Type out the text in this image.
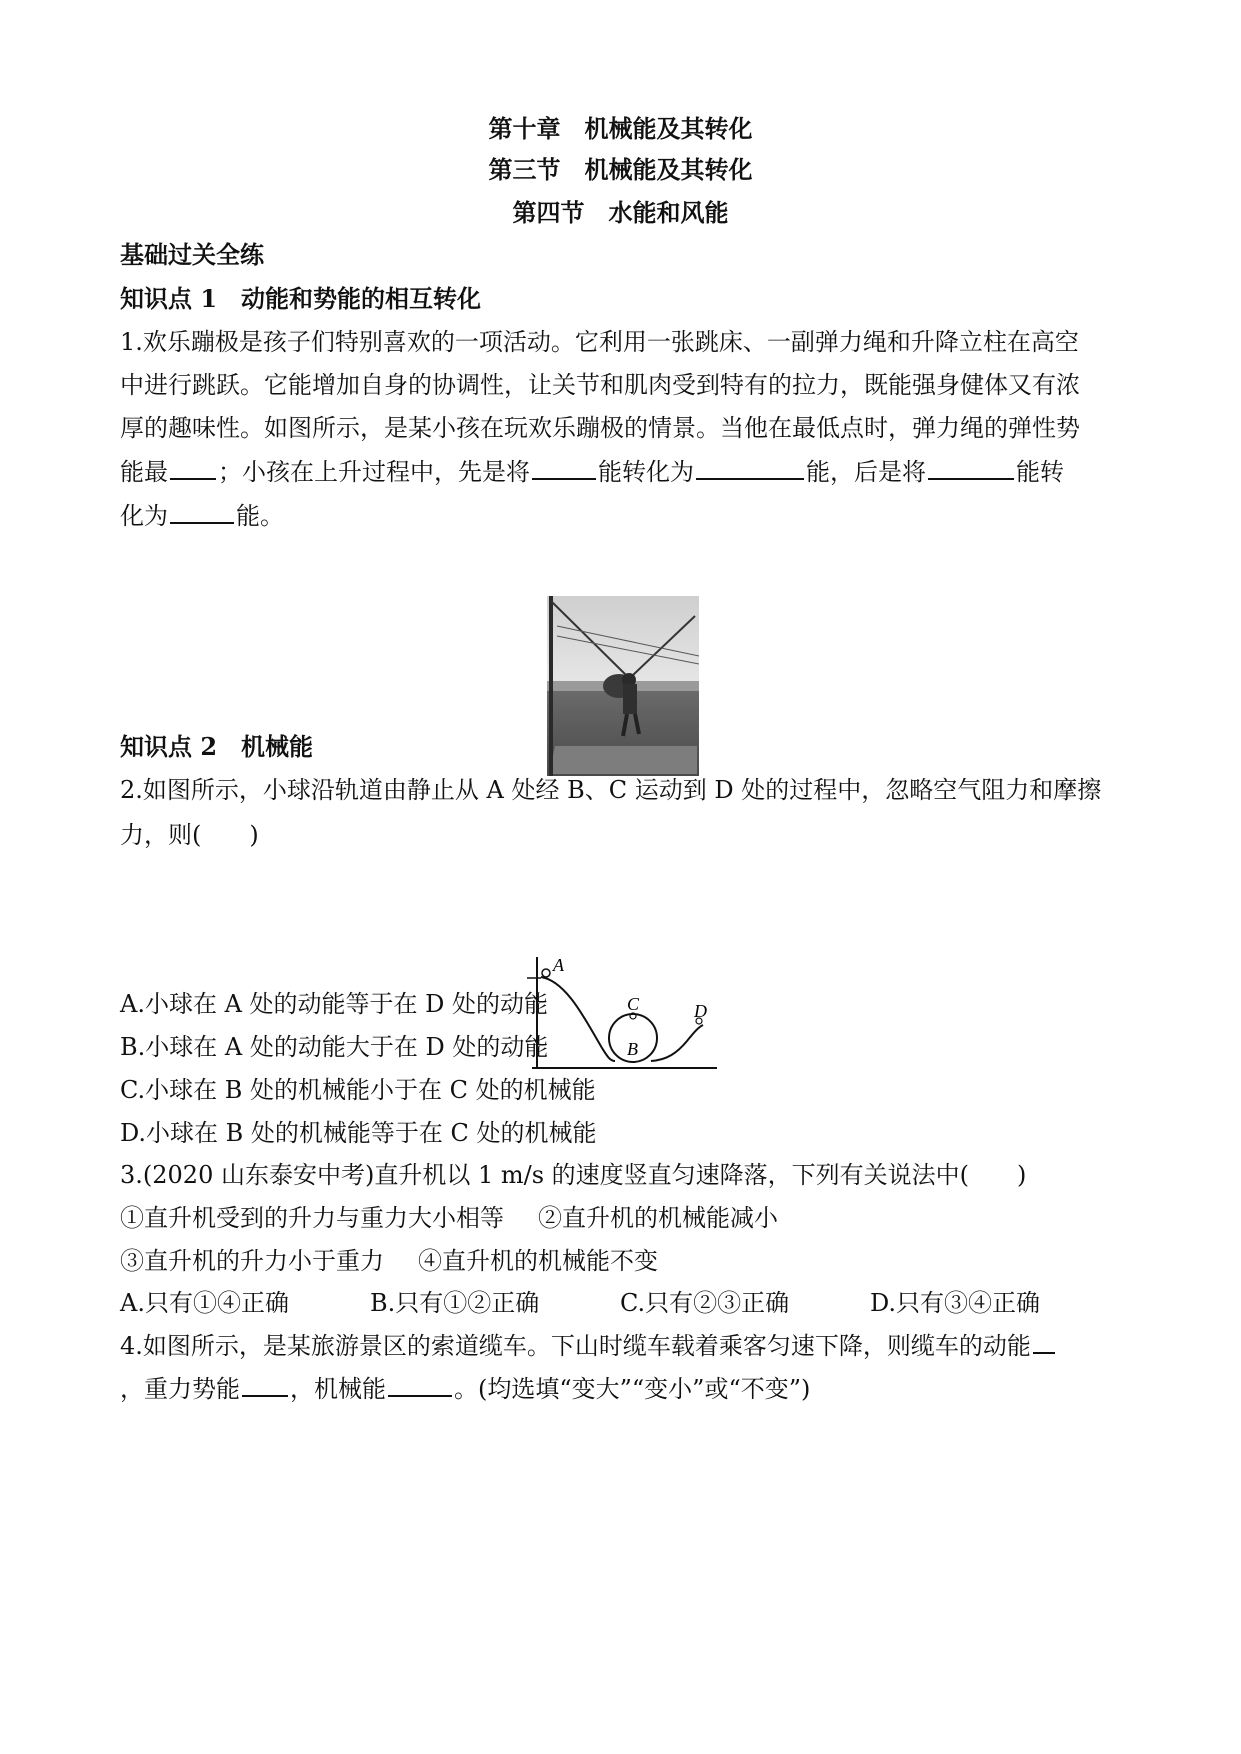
第十章　机械能及其转化
第三节　机械能及其转化
第四节　水能和风能
基础过关全练
知识点 1　动能和势能的相互转化
1.欢乐蹦极是孩子们特别喜欢的一项活动。它利用一张跳床、一副弹力绳和升降立柱在高空
中进行跳跃。它能增加自身的协调性，让关节和肌肉受到特有的拉力，既能强身健体又有浓
厚的趣味性。如图所示，是某小孩在玩欢乐蹦极的情景。当他在最低点时，弹力绳的弹性势
能最 ；小孩在上升过程中，先是将	能转化为	能，后是将	能转
化为	能。
知识点 2　机械能
2.如图所示，小球沿轨道由静止从 A 处经 B、C 运动到 D 处的过程中，忽略空气阻力和摩擦
力，则(　　)
A
B
C	D
A.小球在 A 处的动能等于在 D 处的动能
B.小球在 A 处的动能大于在 D 处的动能
C.小球在 B 处的机械能小于在 C 处的机械能
D.小球在 B 处的机械能等于在 C 处的机械能
3.(2020 山东泰安中考)直升机以 1 m/s 的速度竖直匀速降落，下列有关说法中(　　)
①直升机受到的升力与重力大小相等 ②直升机的机械能减小
③直升机的升力小于重力 ④直升机的机械能不变
A.只有①④正确	B.只有①②正确	C.只有②③正确	D.只有③④正确
4.如图所示，是某旅游景区的索道缆车。下山时缆车载着乘客匀速下降，则缆车的动能
，重力势能 ，机械能	。(均选填“变大”“变小”或“不变”)
